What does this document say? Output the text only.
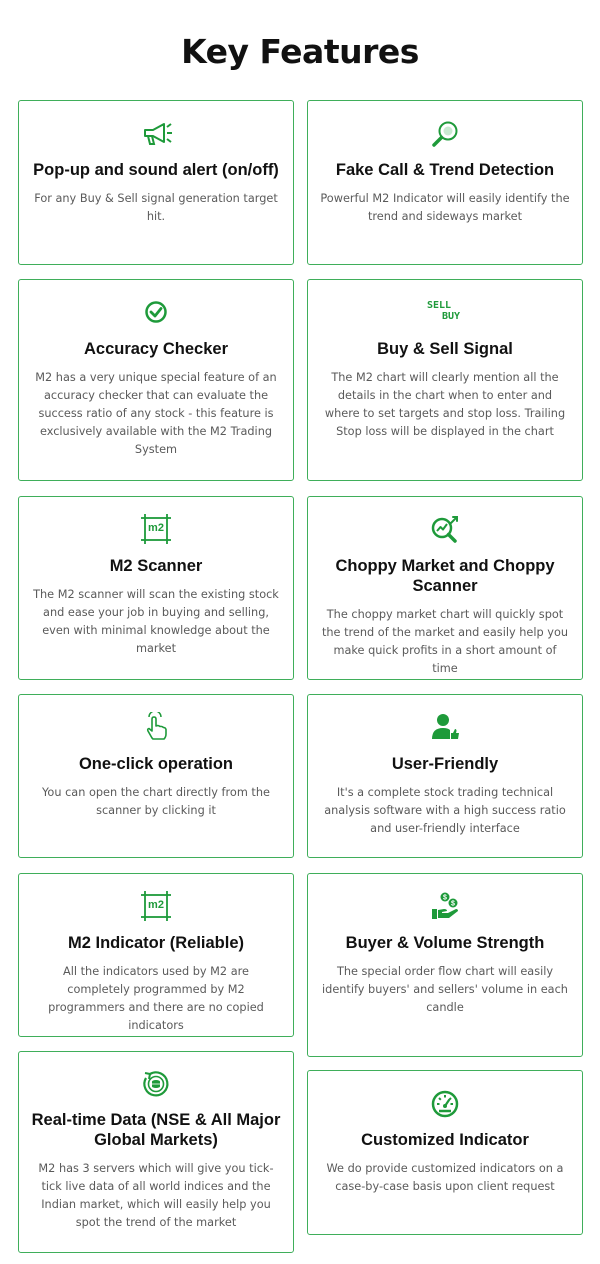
Key Features
Pop-up and sound alert (on/off)

For any Buy & Sell signal generation target hit.

Fake Call & Trend Detection

Powerful M2 Indicator will easily identify the trend and sideways market

Accuracy Checker

M2 has a very unique special feature of an accuracy checker that can evaluate the success ratio of any stock - this feature is exclusively available with the M2 Trading System

SELL
BUY
Buy & Sell Signal

The M2 chart will clearly mention all the details in the chart when to enter and where to set targets and stop loss. Trailing Stop loss will be displayed in the chart

m2
M2 Scanner

The M2 scanner will scan the existing stock and ease your job in buying and selling, even with minimal knowledge about the market

Choppy Market and Choppy Scanner

The choppy market chart will quickly spot the trend of the market and easily help you make quick profits in a short amount of time

One-click operation

You can open the chart directly from the scanner by clicking it

User-Friendly

It's a complete stock trading technical analysis software with a high success ratio and user-friendly interface

m2
M2 Indicator (Reliable)

All the indicators used by M2 are completely programmed by M2 programmers and there are no copied indicators

$
$
Buyer & Volume Strength

The special order flow chart will easily identify buyers' and sellers' volume in each candle

Real-time Data (NSE & All Major Global Markets)

M2 has 3 servers which will give you tick-tick live data of all world indices and the Indian market, which will easily help you spot the trend of the market

Customized Indicator

We do provide customized indicators on a case-by-case basis upon client request
